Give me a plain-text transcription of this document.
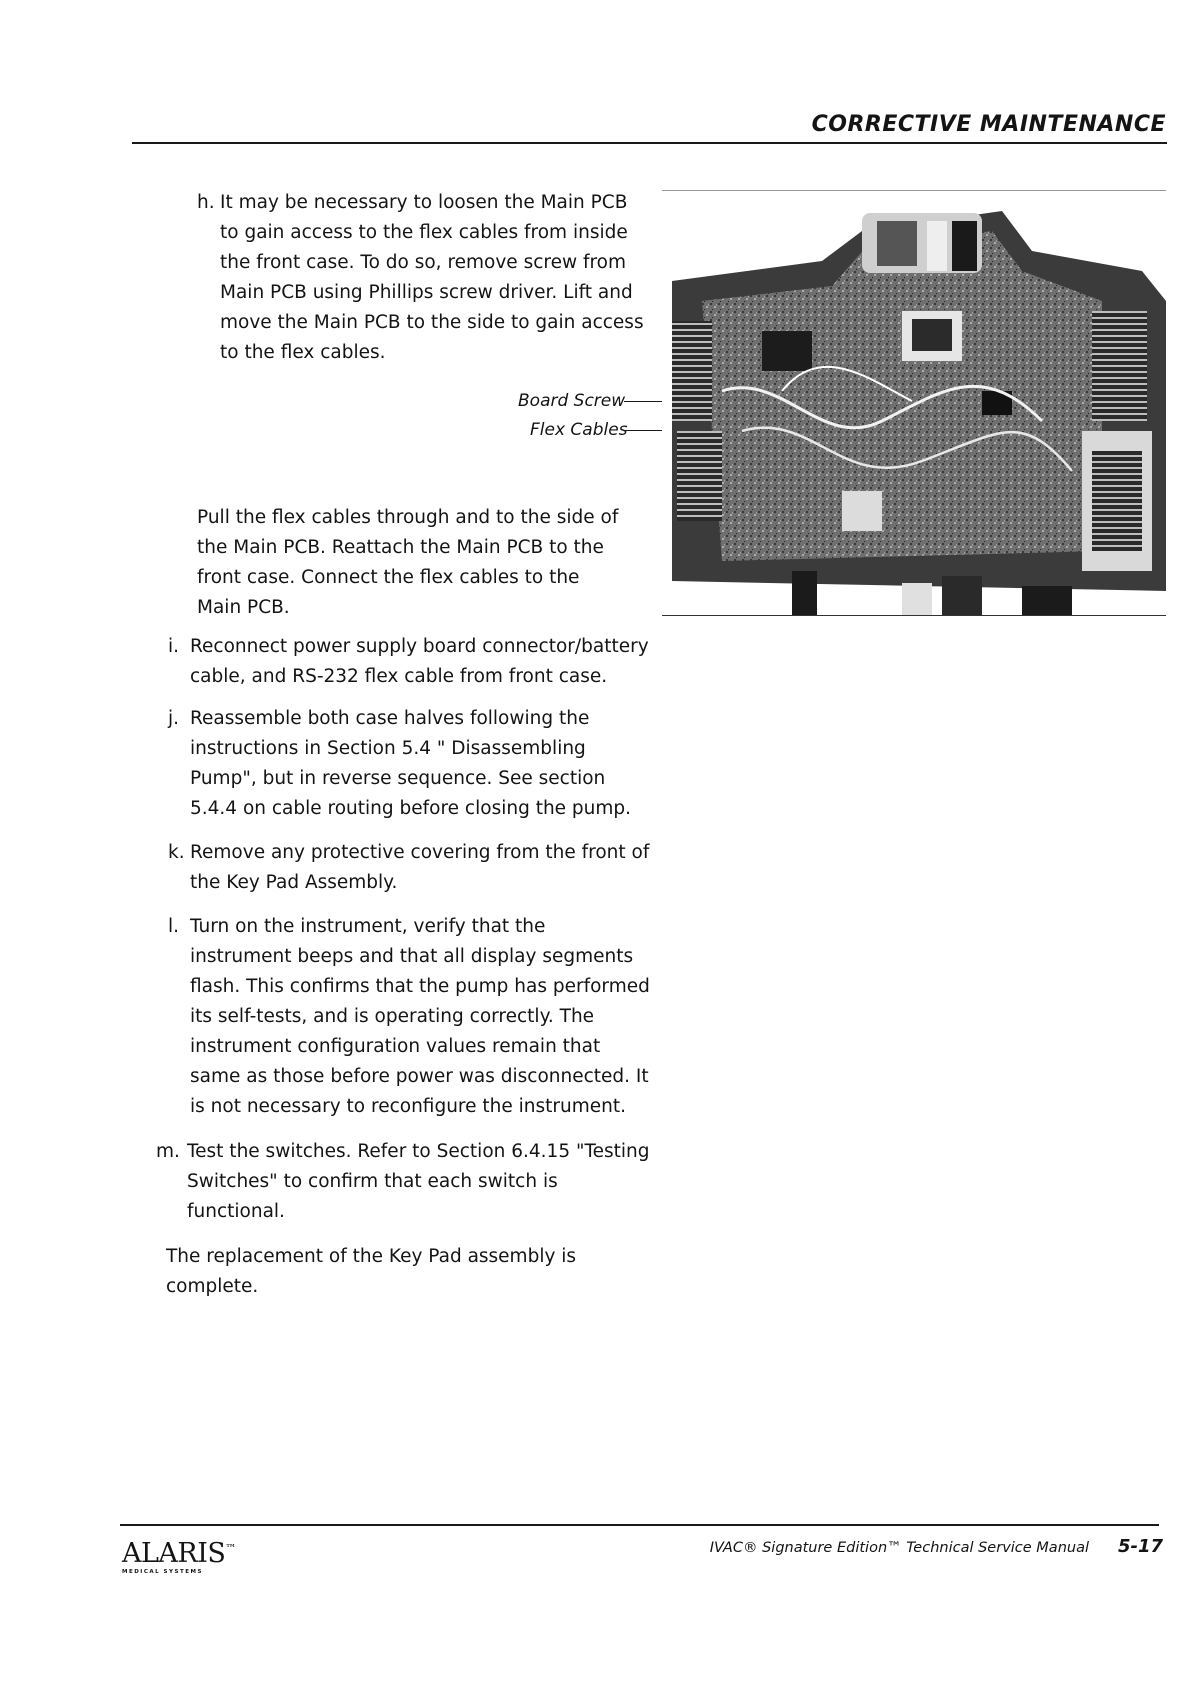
CORRECTIVE MAINTENANCE
h. It may be necessary to loosen the Main PCB to gain access to the flex cables from inside the front case. To do so, remove screw from Main PCB using Phillips screw driver. Lift and move the Main PCB to the side to gain access to the flex cables.
Board Screw
Flex Cables
Pull the flex cables through and to the side of the Main PCB. Reattach the Main PCB to the front case. Connect the flex cables to the Main PCB.
i. Reconnect power supply board connector/battery cable, and RS-232 flex cable from front case.
j. Reassemble both case halves following the instructions in Section 5.4 " Disassembling Pump", but in reverse sequence. See section 5.4.4 on cable routing before closing the pump.
k. Remove any protective covering from the front of the Key Pad Assembly.
l. Turn on the instrument, verify that the instrument beeps and that all display segments flash. This confirms that the pump has performed its self-tests, and is operating correctly. The instrument configuration values remain that same as those before power was disconnected. It is not necessary to reconfigure the instrument.
m. Test the switches. Refer to Section 6.4.15 "Testing Switches" to confirm that each switch is functional.
The replacement of the Key Pad assembly is complete.
ALARIS™
MEDICAL SYSTEMS
IVAC® Signature Edition™ Technical Service Manual 5-17
